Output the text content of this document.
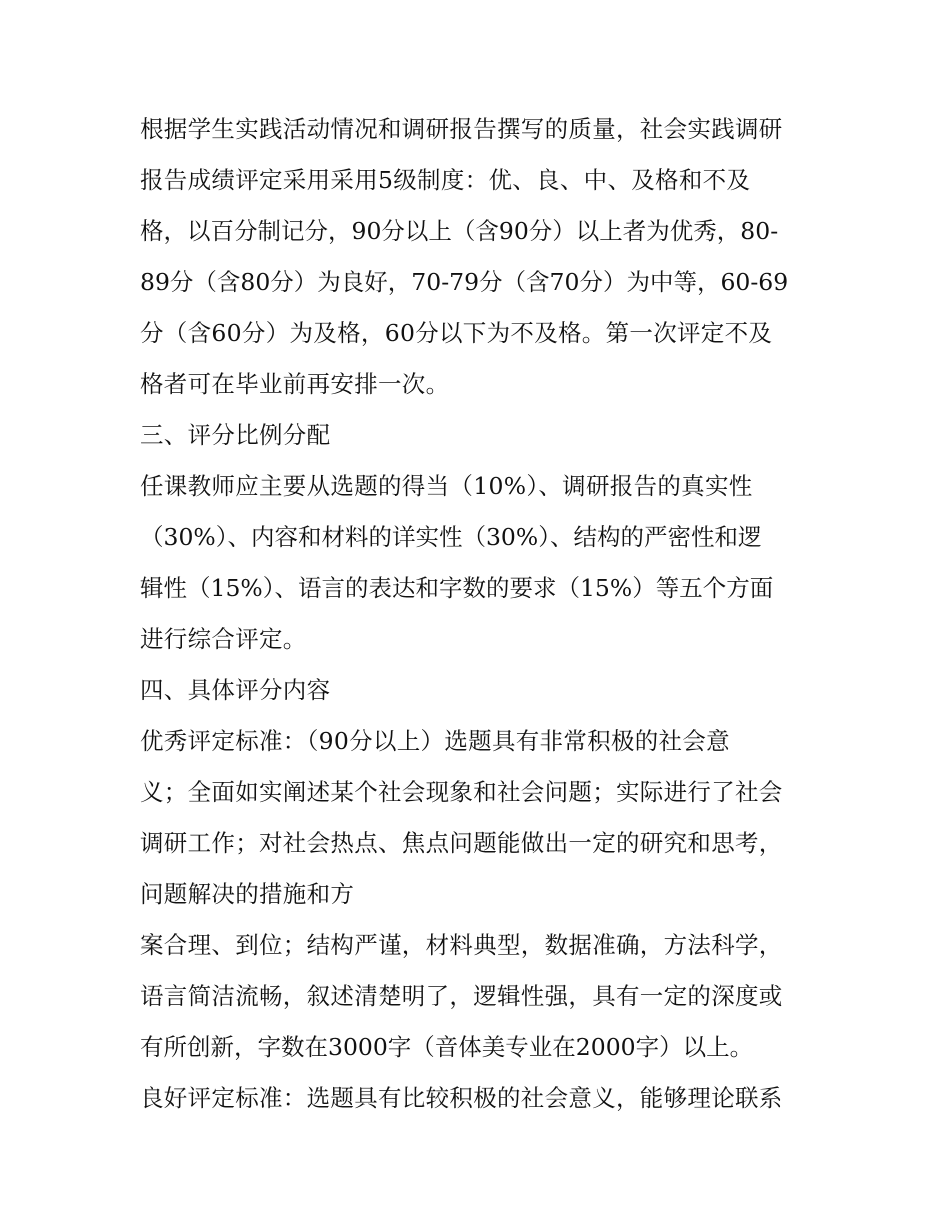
根据学生实践活动情况和调研报告撰写的质量，社会实践调研
报告成绩评定采用采用5级制度：优、良、中、及格和不及
格，以百分制记分，90分以上（含90分）以上者为优秀，80-
89分（含80分）为良好，70-79分（含70分）为中等，60-69
分（含60分）为及格，60分以下为不及格。第一次评定不及
格者可在毕业前再安排一次。
三、评分比例分配
任课教师应主要从选题的得当（10%）、调研报告的真实性
（30%）、内容和材料的详实性（30%）、结构的严密性和逻
辑性（15%）、语言的表达和字数的要求（15%）等五个方面
进行综合评定。
四、具体评分内容
优秀评定标准：（90分以上）选题具有非常积极的社会意
义；全面如实阐述某个社会现象和社会问题；实际进行了社会
调研工作；对社会热点、焦点问题能做出一定的研究和思考，
问题解决的措施和方
案合理、到位；结构严谨，材料典型，数据准确，方法科学，
语言简洁流畅，叙述清楚明了，逻辑性强，具有一定的深度或
有所创新，字数在3000字（音体美专业在2000字）以上。
良好评定标准：选题具有比较积极的社会意义，能够理论联系
